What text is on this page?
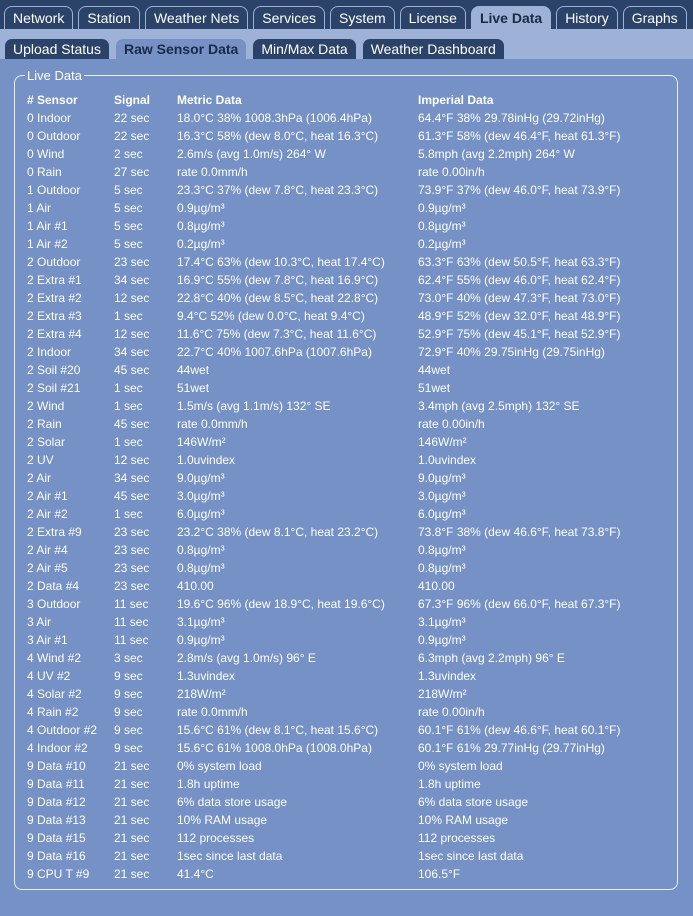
Network	Station	Weather Nets	Services	System	License	Live Data	History	Graphs
Upload Status	Raw Sensor Data	Min/Max Data	Weather Dashboard
Live Data
# Sensor	Signal	Metric Data	Imperial Data
0 Indoor	22 sec	18.0°C 38% 1008.3hPa (1006.4hPa)	64.4°F 38% 29.78inHg (29.72inHg)
0 Outdoor	22 sec	16.3°C 58% (dew 8.0°C, heat 16.3°C)	61.3°F 58% (dew 46.4°F, heat 61.3°F)
0 Wind	2 sec	2.6m/s (avg 1.0m/s) 264° W	5.8mph (avg 2.2mph) 264° W
0 Rain	27 sec	rate 0.0mm/h	rate 0.00in/h
1 Outdoor	5 sec	23.3°C 37% (dew 7.8°C, heat 23.3°C)	73.9°F 37% (dew 46.0°F, heat 73.9°F)
1 Air	5 sec	0.9µg/m³	0.9µg/m³
1 Air #1	5 sec	0.8µg/m³	0.8µg/m³
1 Air #2	5 sec	0.2µg/m³	0.2µg/m³
2 Outdoor	23 sec	17.4°C 63% (dew 10.3°C, heat 17.4°C)	63.3°F 63% (dew 50.5°F, heat 63.3°F)
2 Extra #1	34 sec	16.9°C 55% (dew 7.8°C, heat 16.9°C)	62.4°F 55% (dew 46.0°F, heat 62.4°F)
2 Extra #2	12 sec	22.8°C 40% (dew 8.5°C, heat 22.8°C)	73.0°F 40% (dew 47.3°F, heat 73.0°F)
2 Extra #3	1 sec	9.4°C 52% (dew 0.0°C, heat 9.4°C)	48.9°F 52% (dew 32.0°F, heat 48.9°F)
2 Extra #4	12 sec	11.6°C 75% (dew 7.3°C, heat 11.6°C)	52.9°F 75% (dew 45.1°F, heat 52.9°F)
2 Indoor	34 sec	22.7°C 40% 1007.6hPa (1007.6hPa)	72.9°F 40% 29.75inHg (29.75inHg)
2 Soil #20	45 sec	44wet	44wet
2 Soil #21	1 sec	51wet	51wet
2 Wind	1 sec	1.5m/s (avg 1.1m/s) 132° SE	3.4mph (avg 2.5mph) 132° SE
2 Rain	45 sec	rate 0.0mm/h	rate 0.00in/h
2 Solar	1 sec	146W/m²	146W/m²
2 UV	12 sec	1.0uvindex	1.0uvindex
2 Air	34 sec	9.0µg/m³	9.0µg/m³
2 Air #1	45 sec	3.0µg/m³	3.0µg/m³
2 Air #2	1 sec	6.0µg/m³	6.0µg/m³
2 Extra #9	23 sec	23.2°C 38% (dew 8.1°C, heat 23.2°C)	73.8°F 38% (dew 46.6°F, heat 73.8°F)
2 Air #4	23 sec	0.8µg/m³	0.8µg/m³
2 Air #5	23 sec	0.8µg/m³	0.8µg/m³
2 Data #4	23 sec	410.00	410.00
3 Outdoor	11 sec	19.6°C 96% (dew 18.9°C, heat 19.6°C)	67.3°F 96% (dew 66.0°F, heat 67.3°F)
3 Air	11 sec	3.1µg/m³	3.1µg/m³
3 Air #1	11 sec	0.9µg/m³	0.9µg/m³
4 Wind #2	3 sec	2.8m/s (avg 1.0m/s) 96° E	6.3mph (avg 2.2mph) 96° E
4 UV #2	9 sec	1.3uvindex	1.3uvindex
4 Solar #2	9 sec	218W/m²	218W/m²
4 Rain #2	9 sec	rate 0.0mm/h	rate 0.00in/h
4 Outdoor #2	9 sec	15.6°C 61% (dew 8.1°C, heat 15.6°C)	60.1°F 61% (dew 46.6°F, heat 60.1°F)
4 Indoor #2	9 sec	15.6°C 61% 1008.0hPa (1008.0hPa)	60.1°F 61% 29.77inHg (29.77inHg)
9 Data #10	21 sec	0% system load	0% system load
9 Data #11	21 sec	1.8h uptime	1.8h uptime
9 Data #12	21 sec	6% data store usage	6% data store usage
9 Data #13	21 sec	10% RAM usage	10% RAM usage
9 Data #15	21 sec	112 processes	112 processes
9 Data #16	21 sec	1sec since last data	1sec since last data
9 CPU T #9	21 sec	41.4°C	106.5°F
